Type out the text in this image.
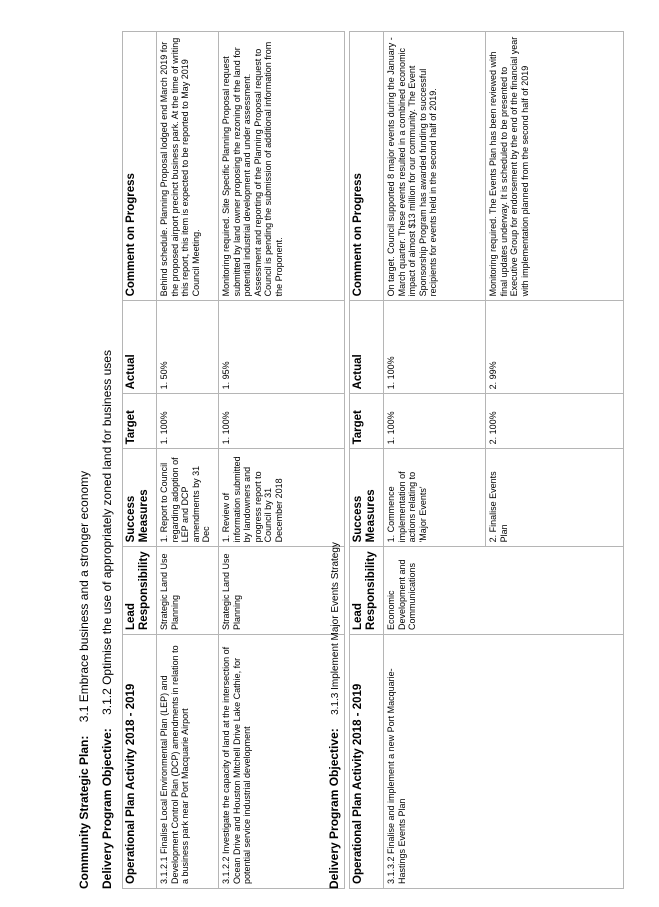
Community Strategic Plan: 3.1 Embrace business and a stronger economy
Delivery Program Objective: 3.1.2 Optimise the use of appropriately zoned land for business uses
Operational Plan Activity 2018 - 2019	Lead Responsibility	Success Measures	Target	Actual	Comment on Progress
3.1.2.1 Finalise Local Environmental Plan (LEP) and Development Control Plan (DCP) amendments in relation to a business park near Port Macquarie Airport	Strategic Land Use Planning	1. Report to Council regarding adoption of LEP and DCP amendments by 31 Dec	1. 100%	1. 50%	Behind schedule. Planning Proposal lodged end March 2019 for the proposed airport precinct business park. At the time of writing this report, this item is expected to be reported to May 2019 Council Meeting.
3.1.2.2 Investigate the capacity of land at the intersection of Ocean Drive and Houston Mitchell Drive Lake Cathie, for potential service industrial development	Strategic Land Use Planning	1. Review of information submitted by landowners and progress report to Council by 31 December 2018	1. 100%	1. 95%	Monitoring required. Site Specific Planning Proposal request submitted by land owner proposing the rezoning of the land for potential industrial development and under assessment. Assessment and reporting of the Planning Proposal request to Council is pending the submission of additional information from the Proponent.
Delivery Program Objective: 3.1.3 Implement Major Events Strategy
Operational Plan Activity 2018 - 2019	Lead Responsibility	Success Measures	Target	Actual	Comment on Progress
3.1.3.2 Finalise and implement a new Port Macquarie-Hastings Events Plan	Economic Development and Communications	1. Commence implementation of actions relating to 'Major Events'	1. 100%	1. 100%	On target. Council supported 8 major events during the January - March quarter. These events resulted in a combined economic impact of almost $13 million for our community. The Event Sponsorship Program has awarded funding to successful recipients for events held in the second half of 2019.
		2. Finalise Events Plan	2. 100%	2. 99%	Monitoring required. The Events Plan has been reviewed with final updates underway. It is scheduled to be presented to Executive Group for endorsement by the end of the financial year with implementation planned from the second half of 2019
